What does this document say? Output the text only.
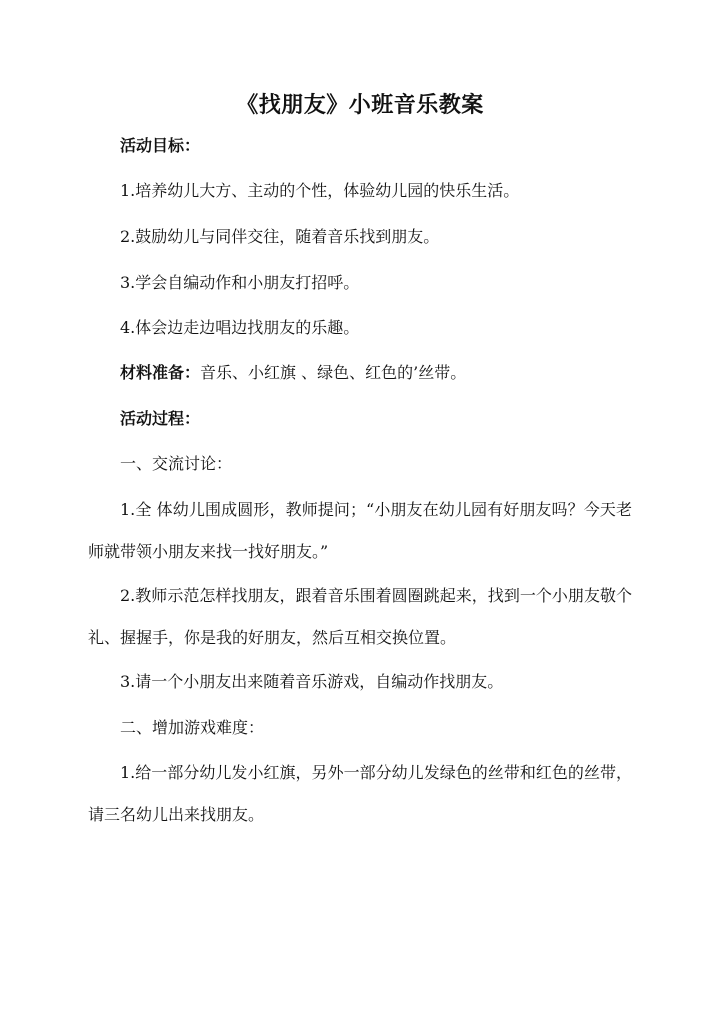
《找朋友》小班音乐教案
活动目标：
1.培养幼儿大方、主动的个性，体验幼儿园的快乐生活。
2.鼓励幼儿与同伴交往，随着音乐找到朋友。
3.学会自编动作和小朋友打招呼。
4.体会边走边唱边找朋友的乐趣。
材料准备：音乐、小红旗 、绿色、红色的’丝带。
活动过程：
一、交流讨论：
1.全 体幼儿围成圆形，教师提问；“小朋友在幼儿园有好朋友吗？今天老师就带领小朋友来找一找好朋友。”
2.教师示范怎样找朋友，跟着音乐围着圆圈跳起来，找到一个小朋友敬个礼、握握手，你是我的好朋友，然后互相交换位置。
3.请一个小朋友出来随着音乐游戏，自编动作找朋友。
二、增加游戏难度：
1.给一部分幼儿发小红旗，另外一部分幼儿发绿色的丝带和红色的丝带，请三名幼儿出来找朋友。
